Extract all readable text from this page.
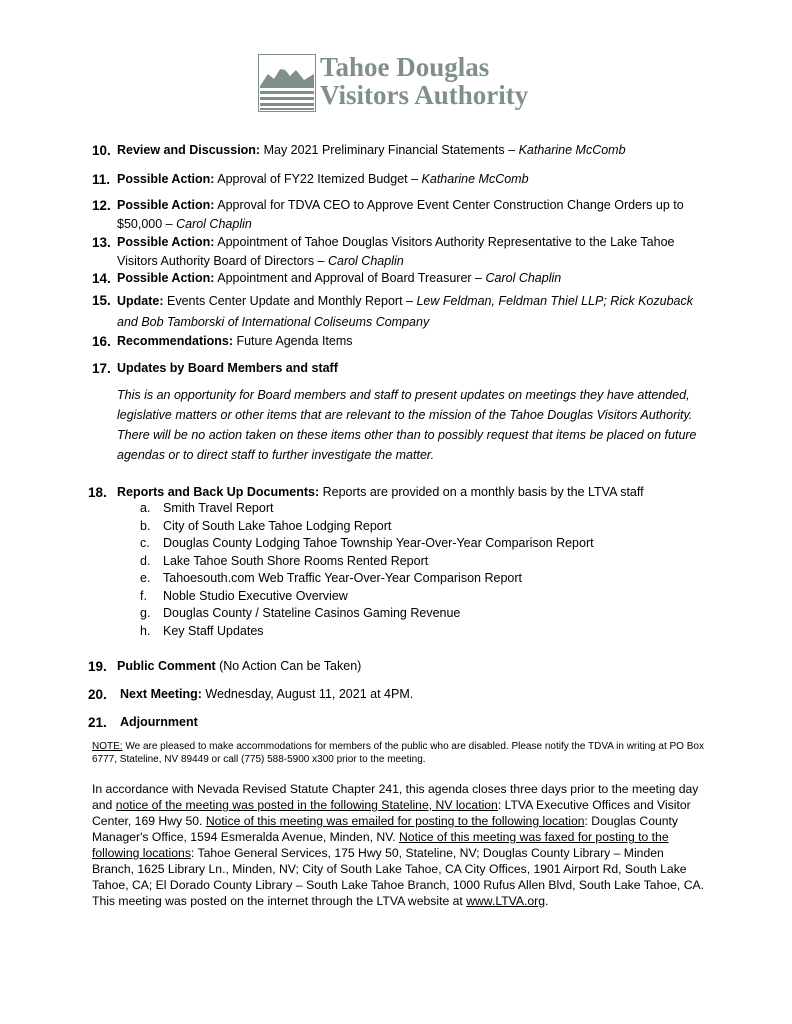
Tahoe Douglas
Visitors Authority
10. Review and Discussion: May 2021 Preliminary Financial Statements – Katharine McComb
11. Possible Action: Approval of FY22 Itemized Budget – Katharine McComb
12. Possible Action: Approval for TDVA CEO to Approve Event Center Construction Change Orders up to $50,000 – Carol Chaplin
13. Possible Action: Appointment of Tahoe Douglas Visitors Authority Representative to the Lake Tahoe Visitors Authority Board of Directors – Carol Chaplin
14. Possible Action: Appointment and Approval of Board Treasurer – Carol Chaplin
15. Update: Events Center Update and Monthly Report – Lew Feldman, Feldman Thiel LLP; Rick Kozuback and Bob Tamborski of International Coliseums Company
16. Recommendations: Future Agenda Items
17. Updates by Board Members and staff
This is an opportunity for Board members and staff to present updates on meetings they have attended, legislative matters or other items that are relevant to the mission of the Tahoe Douglas Visitors Authority. There will be no action taken on these items other than to possibly request that items be placed on future agendas or to direct staff to further investigate the matter.
18. Reports and Back Up Documents: Reports are provided on a monthly basis by the LTVA staff
a. Smith Travel Report
b. City of South Lake Tahoe Lodging Report
c. Douglas County Lodging Tahoe Township Year-Over-Year Comparison Report
d. Lake Tahoe South Shore Rooms Rented Report
e. Tahoesouth.com Web Traffic Year-Over-Year Comparison Report
f. Noble Studio Executive Overview
g. Douglas County / Stateline Casinos Gaming Revenue
h. Key Staff Updates
19. Public Comment (No Action Can be Taken)
20. Next Meeting: Wednesday, August 11, 2021 at 4PM.
21. Adjournment
NOTE: We are pleased to make accommodations for members of the public who are disabled. Please notify the TDVA in writing at PO Box 6777, Stateline, NV 89449 or call (775) 588-5900 x300 prior to the meeting.
In accordance with Nevada Revised Statute Chapter 241, this agenda closes three days prior to the meeting day and notice of the meeting was posted in the following Stateline, NV location: LTVA Executive Offices and Visitor Center, 169 Hwy 50. Notice of this meeting was emailed for posting to the following location: Douglas County Manager's Office, 1594 Esmeralda Avenue, Minden, NV. Notice of this meeting was faxed for posting to the following locations: Tahoe General Services, 175 Hwy 50, Stateline, NV; Douglas County Library – Minden Branch, 1625 Library Ln., Minden, NV; City of South Lake Tahoe, CA City Offices, 1901 Airport Rd, South Lake Tahoe, CA; El Dorado County Library – South Lake Tahoe Branch, 1000 Rufus Allen Blvd, South Lake Tahoe, CA. This meeting was posted on the internet through the LTVA website at www.LTVA.org.
